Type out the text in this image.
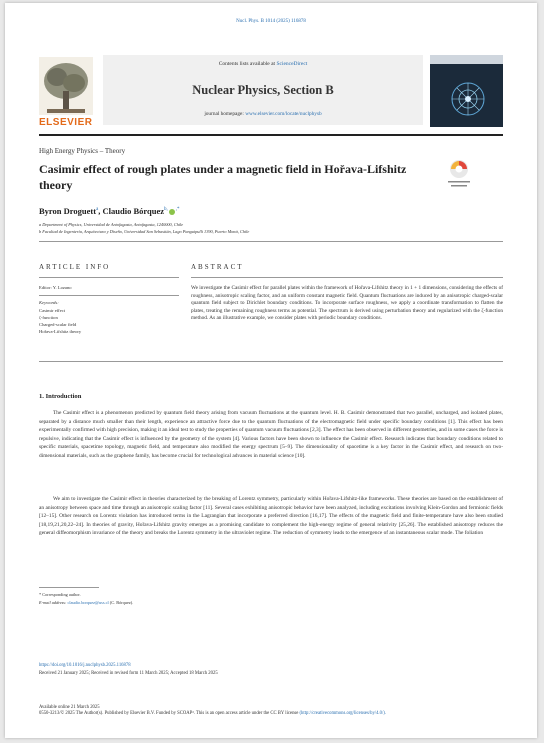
Nucl. Phys. B 1014 (2025) 116878
ELSEVIER
Contents lists available at ScienceDirect
Nuclear Physics, Section B
journal homepage: www.elsevier.com/locate/nuclphysb
High Energy Physics – Theory
Casimir effect of rough plates under a magnetic field in Hořava-Lifshitz theory
Byron Droguett$^a$, Claudio Bórquez$^{b,}$ ,*
a Department of Physics, Universidad de Antofagasta, Antofagasta, 1240000, Chile
b Facultad de Ingeniería, Arquitectura y Diseño, Universidad San Sebastián, Lago Panguipulli 1390, Puerto Montt, Chile
ARTICLE INFO	ABSTRACT
Editor: Y. Lozano
Keywords:
Casimir effect
ζ-function
Charged-scalar field
Hořava-Lifshitz theory
We investigate the Casimir effect for parallel plates within the framework of Hořava-Lifshitz theory in 1 + 1 dimensions, considering the effects of roughness, anisotropic scaling factor, and an uniform constant magnetic field. Quantum fluctuations are induced by an anisotropic charged-scalar quantum field subject to Dirichlet boundary conditions. To incorporate surface roughness, we apply a coordinate transformation to flatten the plates, treating the remaining roughness terms as potential. The spectrum is derived using perturbation theory and regularized with the ζ-function method. As an illustrative example, we consider plates with periodic boundary conditions.
1. Introduction
The Casimir effect is a phenomenon predicted by quantum field theory arising from vacuum fluctuations at the quantum level. H. B. Casimir demonstrated that two parallel, uncharged, and isolated plates, separated by a distance much smaller than their length, experience an attractive force due to the quantum fluctuations of the electromagnetic field under specific boundary conditions [1]. This effect has been experimentally confirmed with high precision, making it an ideal test to study the properties of quantum vacuum fluctuations [2,3]. The effect has been observed in different geometries, and in some cases the force is repulsive, indicating that the Casimir effect is influenced by the geometry of the system [4]. Various factors have been shown to influence the Casimir effect. Research indicates that boundary conditions related to specific materials, spacetime topology, magnetic field, and temperature also modified the energy spectrum [5–9]. The dimensionality of spacetime is a key factor in the Casimir effect, and research on two-dimensional materials, such as the graphene family, has become crucial for technological advances in material science [10].
We aim to investigate the Casimir effect in theories characterized by the breaking of Lorentz symmetry, particularly within Hořava-Lifshitz-like frameworks. These theories are based on the establishment of an anisotropy between space and time through an anisotropic scaling factor [11]. Several cases exhibiting anisotropic behavior have been analyzed, including excitations involving Klein-Gordon and fermionic fields [12–15]. Other research on Lorentz violation has introduced terms in the Lagrangian that incorporate a preferred direction [16,17]. The effects of the magnetic field and finite-temperature have also been studied [18,19,21,20,22–24]. In theories of gravity, Hořava-Lifshitz gravity emerges as a promising candidate to complement the high-energy regime of general relativity [25,26]. The established anisotropy reduces the general diffeomorphism invariance of the theory and breaks the Lorentz symmetry in the ultraviolet regime. The reduction of symmetry leads to the emergence of an instantaneous scalar mode. The foliation
* Corresponding author.
E-mail address: claudio.borquez@uss.cl (C. Bórquez).
https://doi.org/10.1016/j.nuclphysb.2025.116878
Received 21 January 2025; Received in revised form 11 March 2025; Accepted 18 March 2025
Available online 21 March 2025
0550-3213/© 2025 The Author(s). Published by Elsevier B.V. Funded by SCOAP³. This is an open access article under the CC BY license (http://creativecommons.org/licenses/by/4.0/).
